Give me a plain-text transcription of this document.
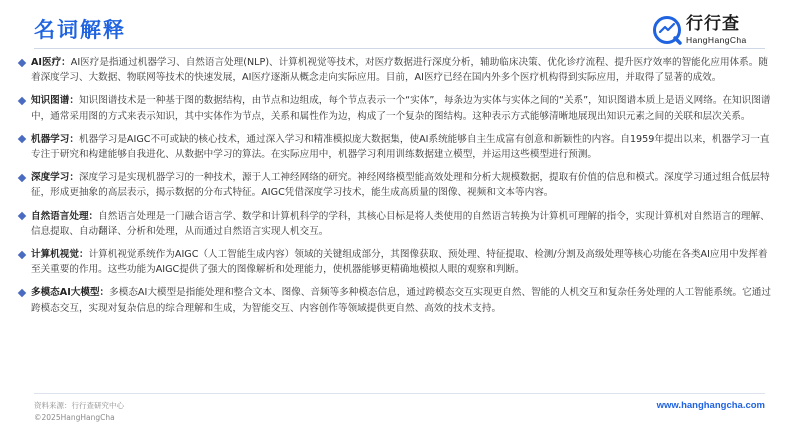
名词解释	行行查
HangHangCha
AI医疗：AI医疗是指通过机器学习、自然语言处理(NLP)、计算机视觉等技术，对医疗数据进行深度分析，辅助临床决策、优化诊疗流程、提升医疗效率的智能化应用体系。随着深度学习、大数据、物联网等技术的快速发展，AI医疗逐渐从概念走向实际应用。目前，AI医疗已经在国内外多个医疗机构得到实际应用，并取得了显著的成效。
知识图谱：知识图谱技术是一种基于图的数据结构，由节点和边组成，每个节点表示一个“实体”，每条边为实体与实体之间的“关系”，知识图谱本质上是语义网络。在知识图谱中，通常采用图的方式来表示知识，其中实体作为节点，关系和属性作为边，构成了一个复杂的图结构。这种表示方式能够清晰地展现出知识元素之间的关联和层次关系。
机器学习：机器学习是AIGC不可或缺的核心技术，通过深入学习和精准模拟庞大数据集，使AI系统能够自主生成富有创意和新颖性的内容。自1959年提出以来，机器学习一直专注于研究和构建能够自我进化、从数据中学习的算法。在实际应用中，机器学习利用训练数据建立模型，并运用这些模型进行预测。
深度学习：深度学习是实现机器学习的一种技术，源于人工神经网络的研究。神经网络模型能高效处理和分析大规模数据，提取有价值的信息和模式。深度学习通过组合低层特征，形成更抽象的高层表示，揭示数据的分布式特征。AIGC凭借深度学习技术，能生成高质量的图像、视频和文本等内容。
自然语言处理：自然语言处理是一门融合语言学、数学和计算机科学的学科，其核心目标是将人类使用的自然语言转换为计算机可理解的指令，实现计算机对自然语言的理解、信息提取、自动翻译、分析和处理，从而通过自然语言实现人机交互。
计算机视觉：计算机视觉系统作为AIGC（人工智能生成内容）领域的关键组成部分，其图像获取、预处理、特征提取、检测/分割及高级处理等核心功能在各类AI应用中发挥着至关重要的作用。这些功能为AIGC提供了强大的图像解析和处理能力，使机器能够更精确地模拟人眼的观察和判断。
多模态AI大模型：多模态AI大模型是指能处理和整合文本、图像、音频等多种模态信息，通过跨模态交互实现更自然、智能的人机交互和复杂任务处理的人工智能系统。它通过跨模态交互，实现对复杂信息的综合理解和生成，为智能交互、内容创作等领域提供更自然、高效的技术支持。
资料来源：行行查研究中心
©2025HangHangCha
www.hanghangcha.com
